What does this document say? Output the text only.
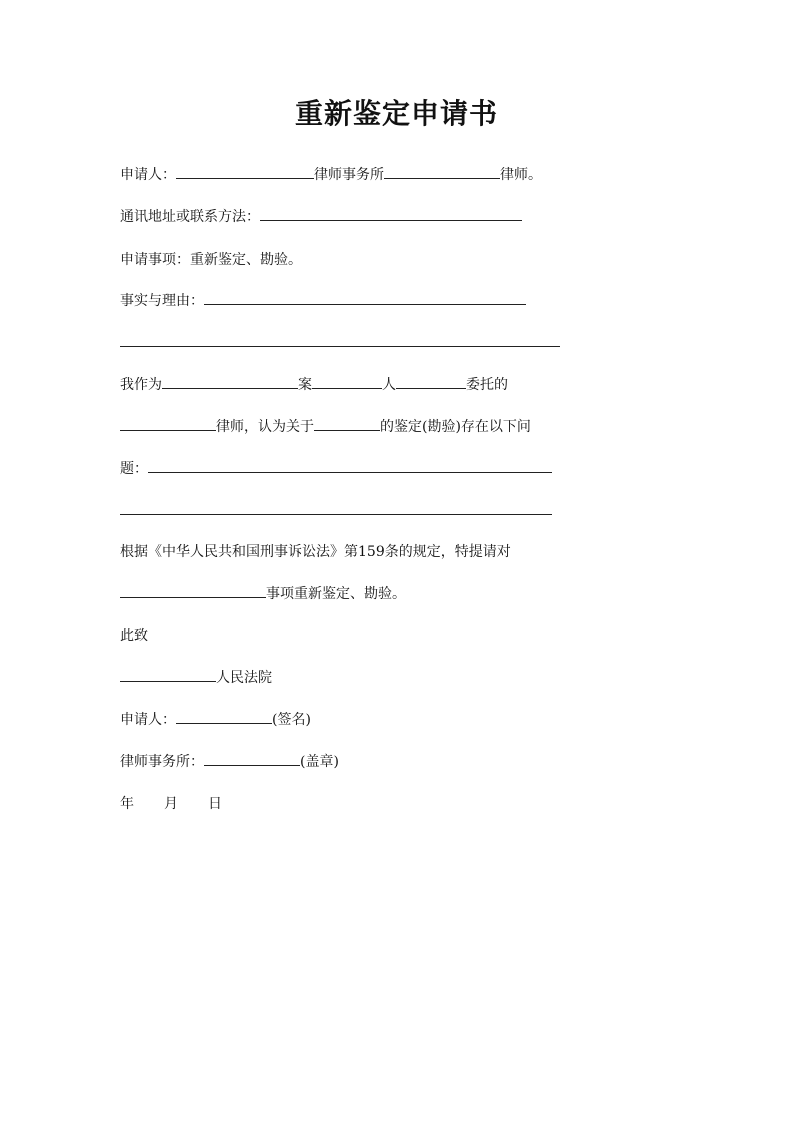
重新鉴定申请书
申请人：	律师事务所	律师。
通讯地址或联系方法：
申请事项：重新鉴定、勘验。
事实与理由：
我作为	案	人	委托的
律师，认为关于	的鉴定(勘验)存在以下问
题：
根据《中华人民共和国刑事诉讼法》第159条的规定，特提请对
事项重新鉴定、勘验。
此致
人民法院
申请人：	(签名)
律师事务所：	(盖章)
年 月 日
